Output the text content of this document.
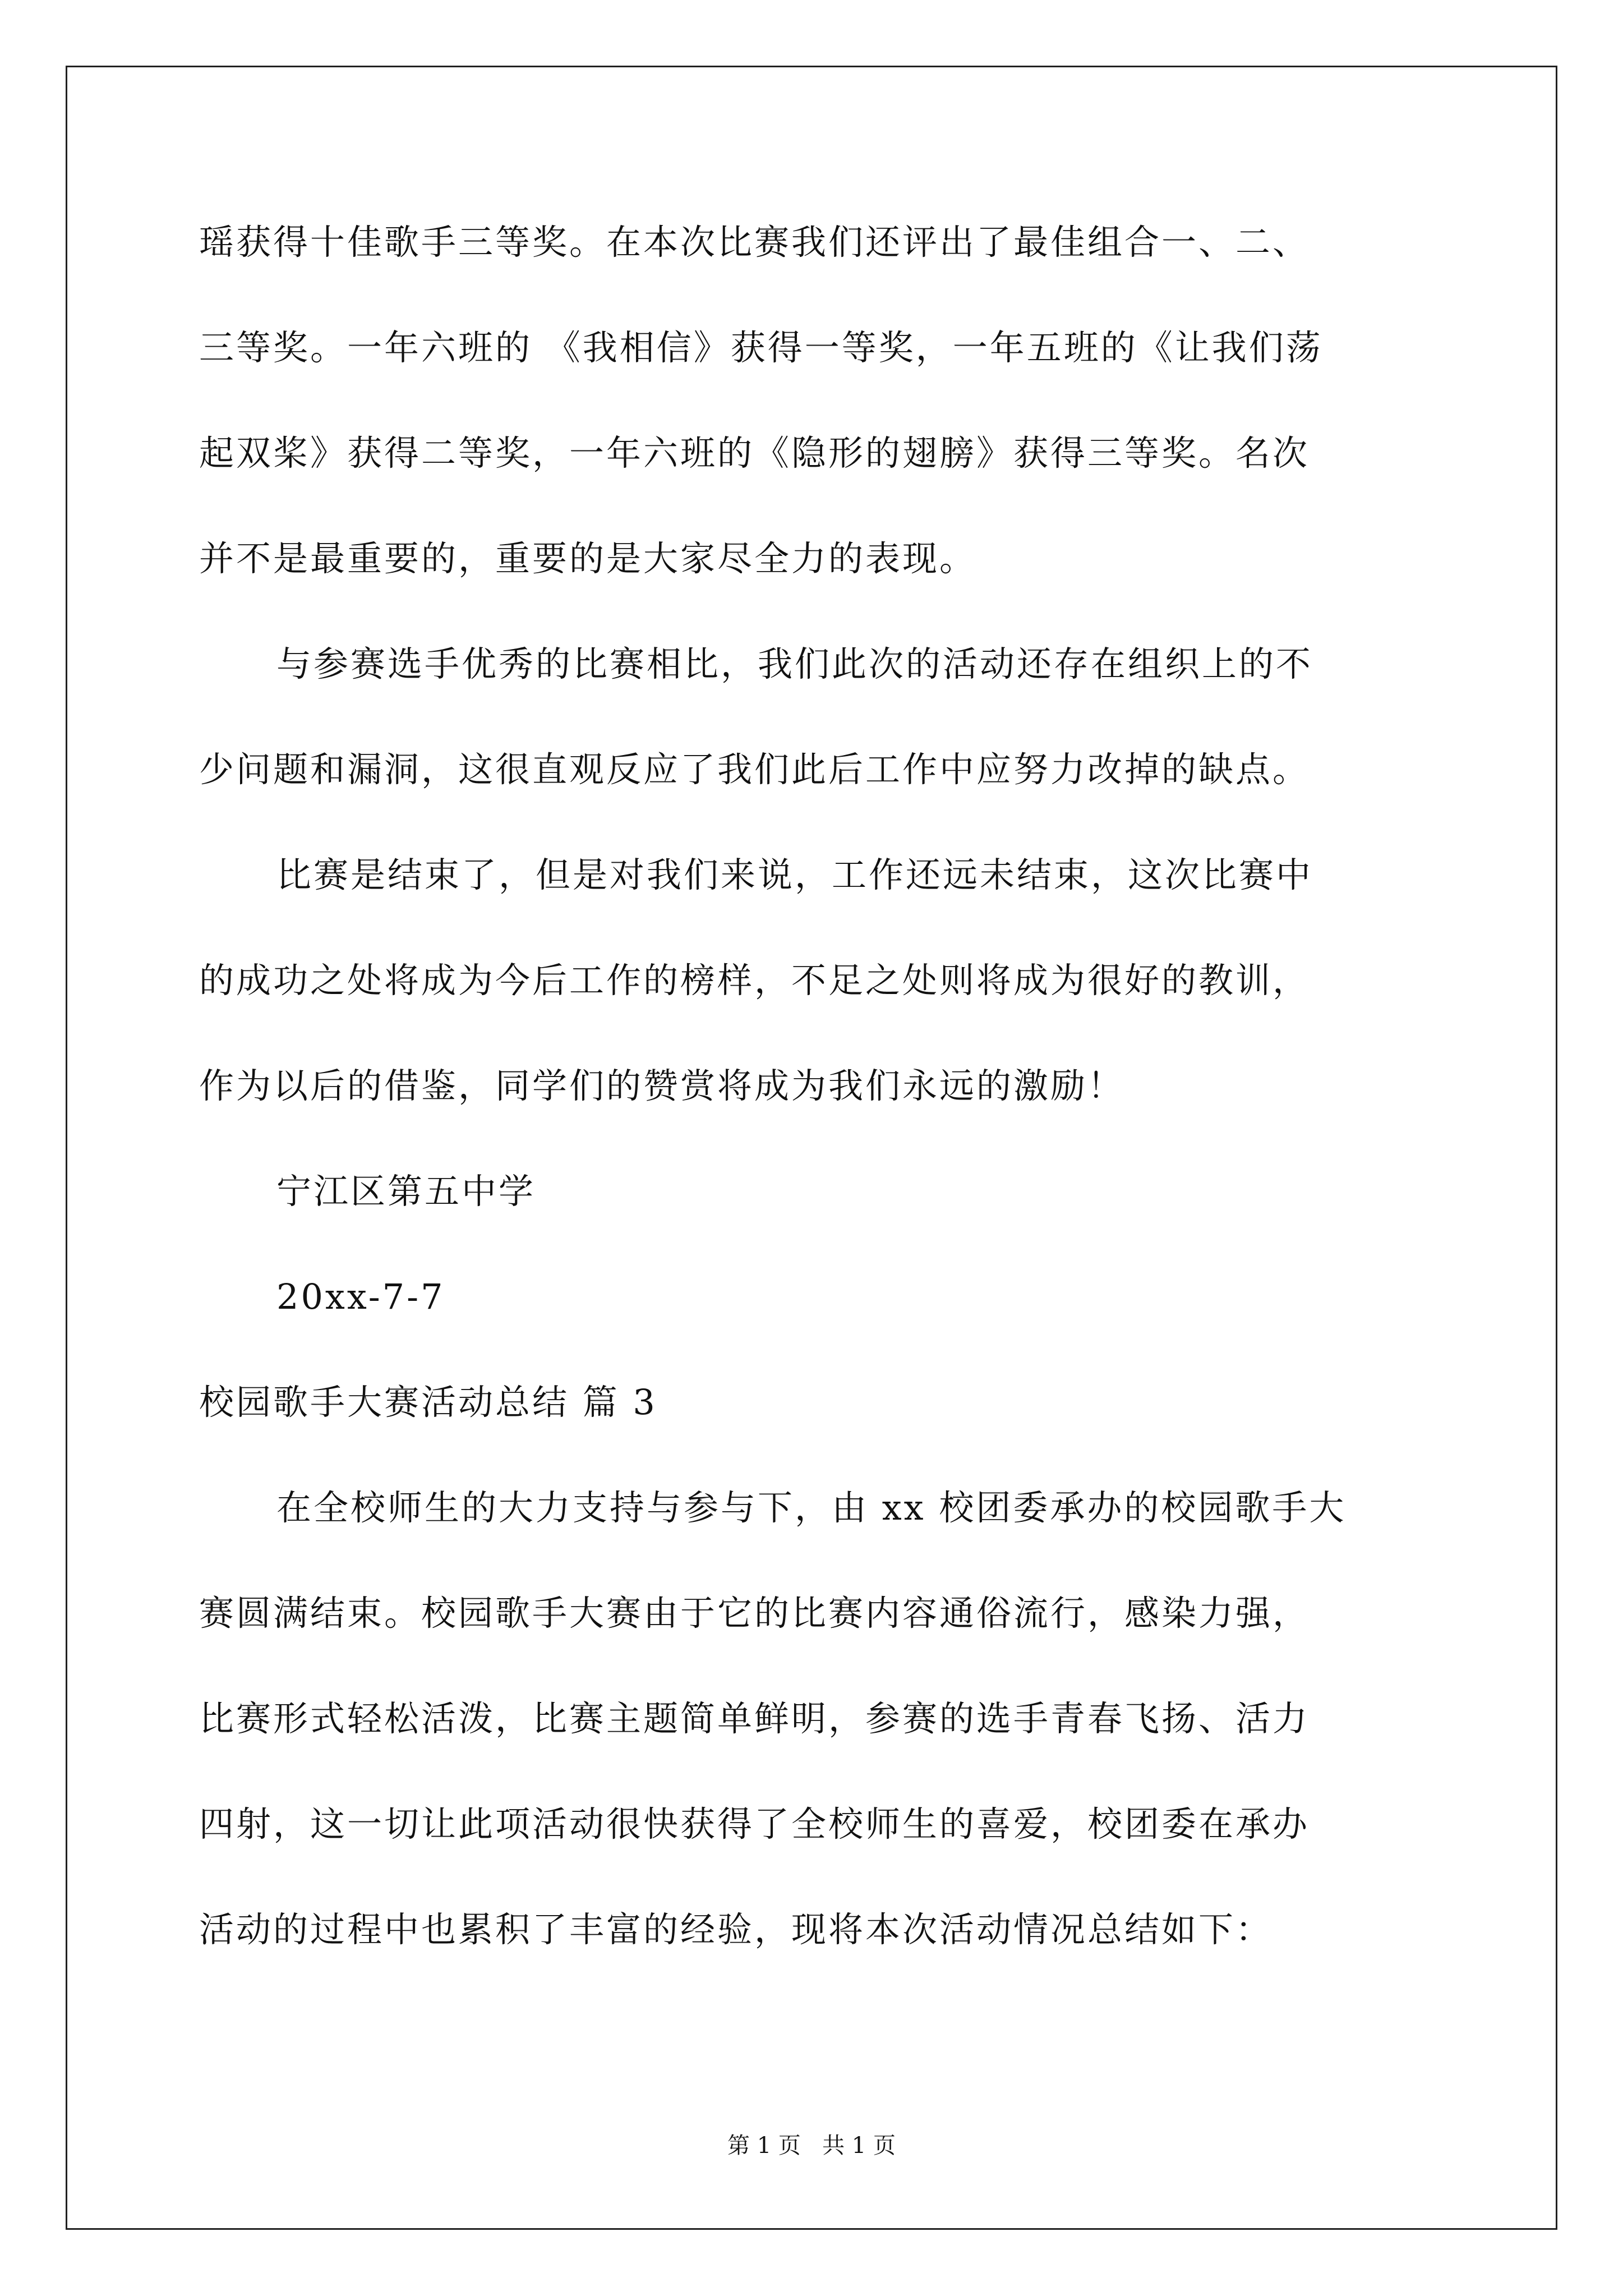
瑶获得十佳歌手三等奖。在本次比赛我们还评出了最佳组合一、二、
三等奖。一年六班的 《我相信》获得一等奖，一年五班的《让我们荡
起双桨》获得二等奖，一年六班的《隐形的翅膀》获得三等奖。名次
并不是最重要的，重要的是大家尽全力的表现。
与参赛选手优秀的比赛相比，我们此次的活动还存在组织上的不
少问题和漏洞，这很直观反应了我们此后工作中应努力改掉的缺点。
比赛是结束了，但是对我们来说，工作还远未结束，这次比赛中
的成功之处将成为今后工作的榜样，不足之处则将成为很好的教训，
作为以后的借鉴，同学们的赞赏将成为我们永远的激励！
宁江区第五中学
20xx-7-7
校园歌手大赛活动总结 篇 3
在全校师生的大力支持与参与下，由 xx 校团委承办的校园歌手大
赛圆满结束。校园歌手大赛由于它的比赛内容通俗流行，感染力强，
比赛形式轻松活泼，比赛主题简单鲜明，参赛的选手青春飞扬、活力
四射，这一切让此项活动很快获得了全校师生的喜爱，校团委在承办
活动的过程中也累积了丰富的经验，现将本次活动情况总结如下：
第 1 页   共 1 页
